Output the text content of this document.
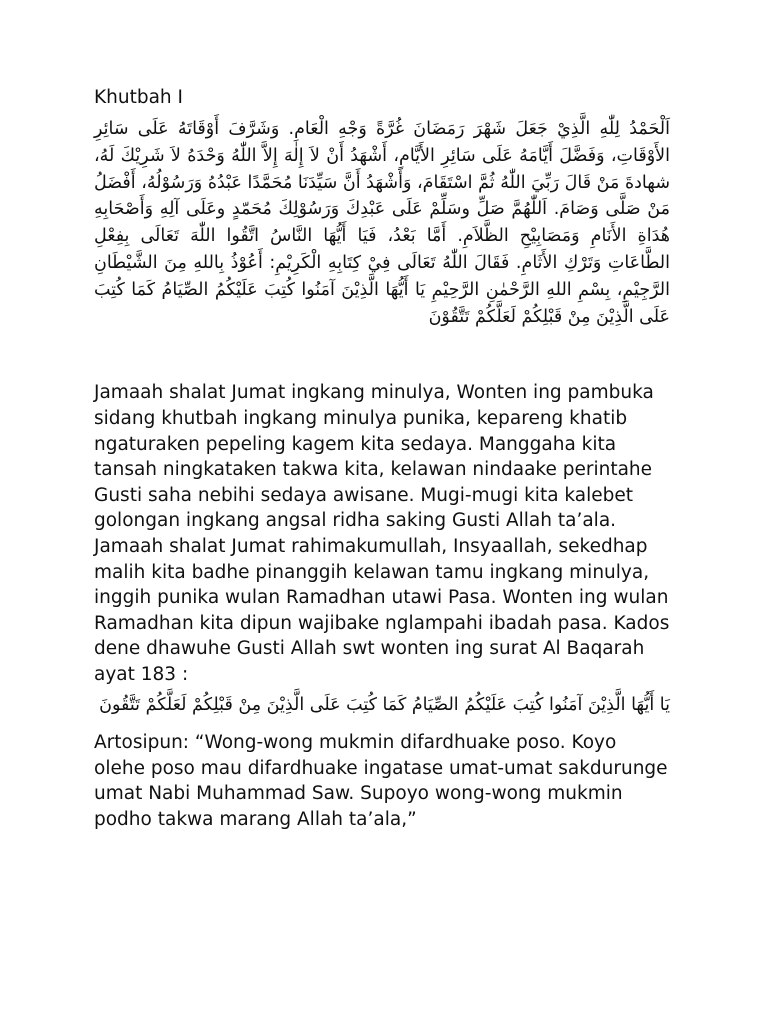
Khutbah I

اَلْحَمْدُ لِلّٰهِ الَّذِيْ جَعَلَ شَهْرَ رَمَضَانَ غُرَّةً وَجْهِ الْعَامِ. وَشَرَّفَ أَوْقَاتَهُ عَلَى سَائِرِ الأَوْقَاتِ، وَفَضَّلَ أَيَّامَهُ عَلَى سَائِرِ الأَيَّامِ، أَشْهَدُ أَنْ لاَ إِلٰهَ إِلاَّ اللّٰهُ وَحْدَهُ لاَ شَرِيْكَ لَهُ، شهادةَ مَنْ قَالَ رَبِّيَ اللّٰهُ ثُمَّ اسْتَقَامَ، وَأَشْهَدُ أَنَّ سَيِّدَنَا مُحَمَّدًا عَبْدُهُ وَرَسُوْلُهُ، أَفْضَلُ مَنْ صَلَّى وَصَامَ. اَللّٰهُمَّ صَلِّ وسَلِّمْ عَلَى عَبْدِكَ وَرَسُوْلِكَ مُحَمّدٍ وعَلَى آلِهِ وَأَصْحَابِهِ هُدَاةِ الأَنَامِ وَمَصَابِيْحِ الظَّلاَمِ. أَمَّا بَعْدُ، فَيَا أَيُّهَا النَّاسُ اتَّقُوا اللّٰهَ تَعَالَى بِفِعْلِ الطَّاعَاتِ وَتَرْكِ الأَثَامِ. فَقَالَ اللّٰهُ تَعَالَى فِيْ كِتَابِهِ الْكَرِيْمِ: أَعُوْذُ بِاللهِ مِنَ الشَّيْطَانِ الرَّجِيْمِ، بِسْمِ اللهِ الرَّحْمٰنِ الرَّحِيْمِ يَا أَيُّهَا الَّذِيْنَ آمَنُوا كُتِبَ عَلَيْكُمُ الصِّيَامُ كَمَا كُتِبَ عَلَى الَّذِيْنَ مِنْ قَبْلِكُمْ لَعَلَّكُمْ تَتَّقُوْنَ

Jamaah shalat Jumat ingkang minulya, Wonten ing pambuka sidang khutbah ingkang minulya punika, kepareng khatib ngaturaken pepeling kagem kita sedaya. Manggaha kita tansah ningkataken takwa kita, kelawan nindaake perintahe Gusti saha nebihi sedaya awisane. Mugi-mugi kita kalebet golongan ingkang angsal ridha saking Gusti Allah ta’ala. Jamaah shalat Jumat rahimakumullah, Insyaallah, sekedhap malih kita badhe pinanggih kelawan tamu ingkang minulya, inggih punika wulan Ramadhan utawi Pasa. Wonten ing wulan Ramadhan kita dipun wajibake nglampahi ibadah pasa. Kados dene dhawuhe Gusti Allah swt wonten ing surat Al Baqarah ayat 183 :

يَا أَيُّهَا الَّذِيْنَ آمَنُوا كُتِبَ عَلَيْكُمُ الصِّيَامُ كَمَا كُتِبَ عَلَى الَّذِيْنَ مِنْ قَبْلِكُمْ لَعَلَّكُمْ تَتَّقُونَ

Artosipun: “Wong-wong mukmin difardhuake poso. Koyo olehe poso mau difardhuake ingatase umat-umat sakdurunge umat Nabi Muhammad Saw. Supoyo wong-wong mukmin podho takwa marang Allah ta’ala,”
